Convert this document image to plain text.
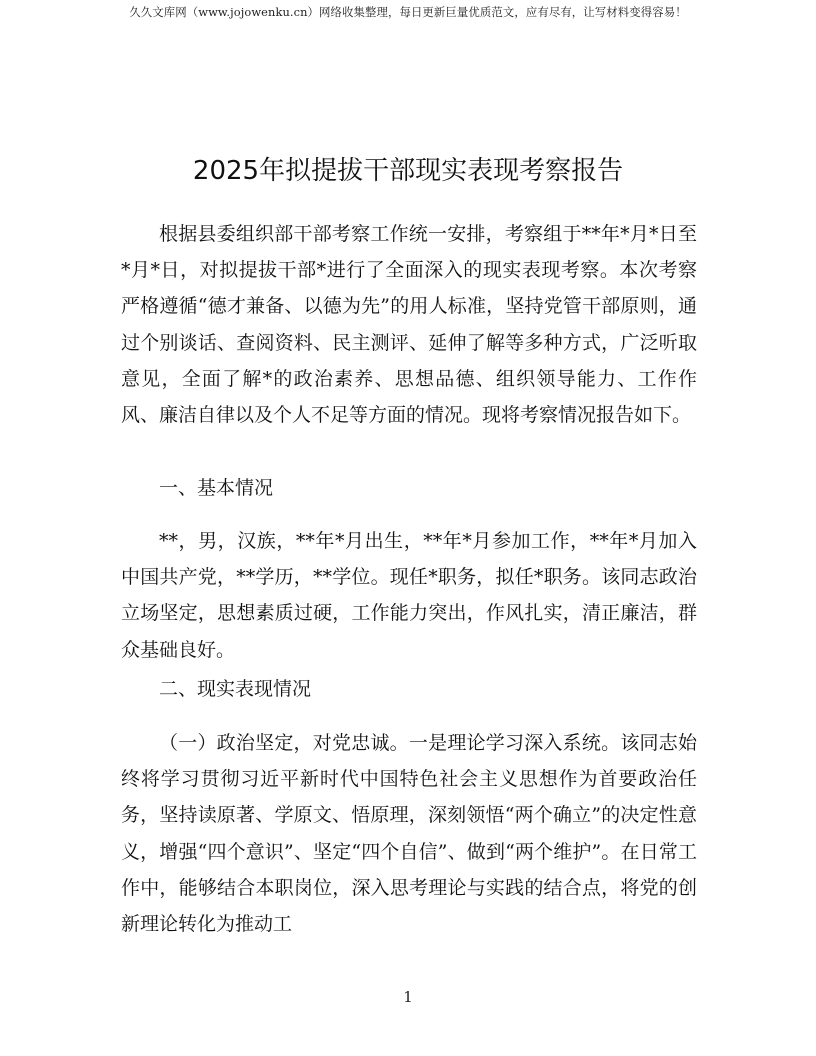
久久文库网（www.jojowenku.cn）网络收集整理，每日更新巨量优质范文，应有尽有，让写材料变得容易！
2025年拟提拔干部现实表现考察报告

根据县委组织部干部考察工作统一安排，考察组于**年*月*日至*月*日，对拟提拔干部*进行了全面深入的现实表现考察。本次考察严格遵循“德才兼备、以德为先”的用人标准，坚持党管干部原则，通过个别谈话、查阅资料、民主测评、延伸了解等多种方式，广泛听取意见，全面了解*的政治素养、思想品德、组织领导能力、工作作风、廉洁自律以及个人不足等方面的情况。现将考察情况报告如下。

一、基本情况

**，男，汉族，**年*月出生，**年*月参加工作，**年*月加入中国共产党，**学历，**学位。现任*职务，拟任*职务。该同志政治立场坚定，思想素质过硬，工作能力突出，作风扎实，清正廉洁，群众基础良好。

二、现实表现情况

（一）政治坚定，对党忠诚。一是理论学习深入系统。该同志始终将学习贯彻习近平新时代中国特色社会主义思想作为首要政治任务，坚持读原著、学原文、悟原理，深刻领悟“两个确立”的决定性意义，增强“四个意识”、坚定“四个自信”、做到“两个维护”。在日常工作中，能够结合本职岗位，深入思考理论与实践的结合点，将党的创新理论转化为推动工

1
